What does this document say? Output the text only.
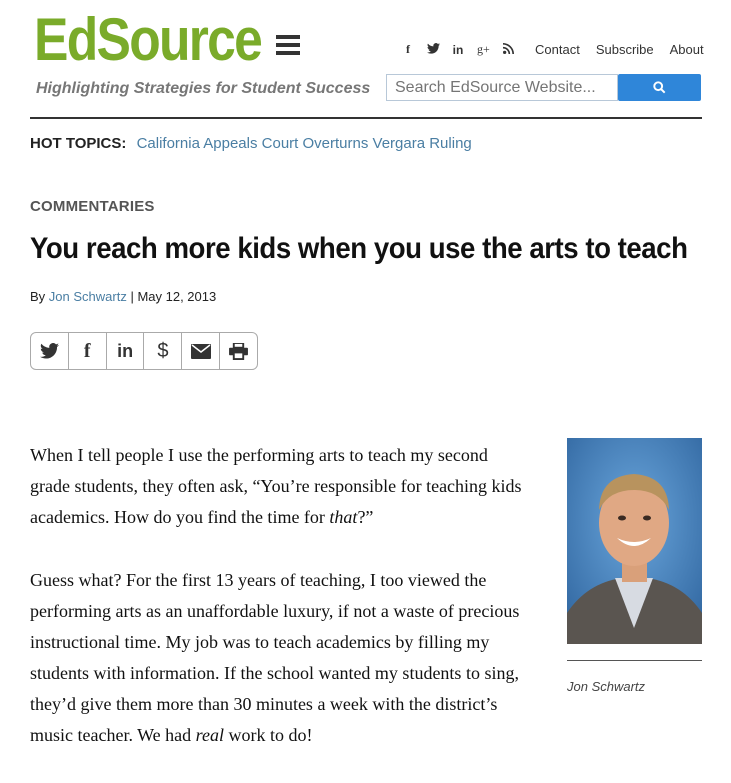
EdSource
Highlighting Strategies for Student Success
f	in g+	Contact Subscribe About
Search EdSource Website...
HOT TOPICS: California Appeals Court Overturns Vergara Ruling
COMMENTARIES
You reach more kids when you use the arts to teach
By Jon Schwartz | May 12, 2013
f in $

When I tell people I use the performing arts to teach my second grade students, they often ask, “You’re responsible for teaching kids academics. How do you find the time for that?”

Guess what? For the first 13 years of teaching, I too viewed the performing arts as an unaffordable luxury, if not a waste of precious instructional time. My job was to teach academics by filling my students with information. If the school wanted my students to sing, they’d give them more than 30 minutes a week with the district’s music teacher. We had real work to do!

Jon Schwartz
